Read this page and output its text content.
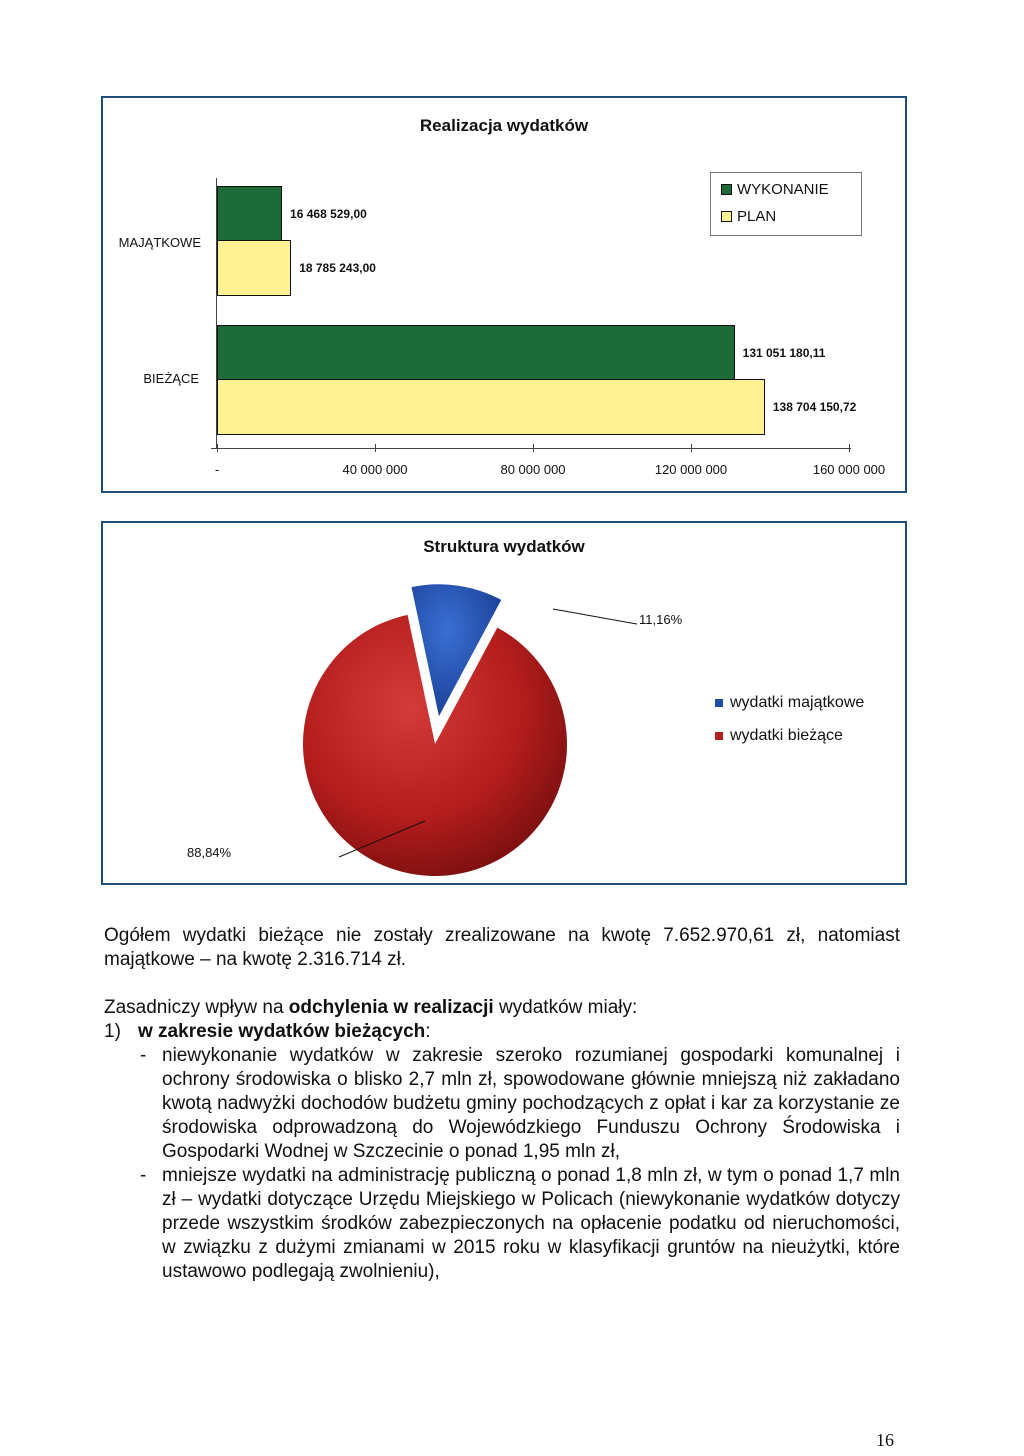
Realizacja wydatków
MAJĄTKOWE
BIEŻĄCE
16 468 529,00
18 785 243,00
131 051 180,11
138 704 150,72
-	40 000 000	80 000 000	120 000 000	160 000 000
WYKONANIE
PLAN
Struktura wydatków
11,16%
88,84%
wydatki majątkowe
wydatki bieżące

Ogółem wydatki bieżące nie zostały zrealizowane na kwotę 7.652.970,61 zł, natomiast majątkowe – na kwotę 2.316.714 zł.

Zasadniczy wpływ na odchylenia w realizacji wydatków miały:

1) w zakresie wydatków bieżących:

- niewykonanie wydatków w zakresie szeroko rozumianej gospodarki komunalnej i ochrony środowiska o blisko 2,7 mln zł, spowodowane głównie mniejszą niż zakładano kwotą nadwyżki dochodów budżetu gminy pochodzących z opłat i kar za korzystanie ze środowiska odprowadzoną do Wojewódzkiego Funduszu Ochrony Środowiska i Gospodarki Wodnej w Szczecinie o ponad 1,95 mln zł,
- mniejsze wydatki na administrację publiczną o ponad 1,8 mln zł, w tym o ponad 1,7 mln zł – wydatki dotyczące Urzędu Miejskiego w Policach (niewykonanie wydatków dotyczy przede wszystkim środków zabezpieczonych na opłacenie podatku od nieruchomości, w związku z dużymi zmianami w 2015 roku w klasyfikacji gruntów na nieużytki, które ustawowo podlegają zwolnieniu),
16
